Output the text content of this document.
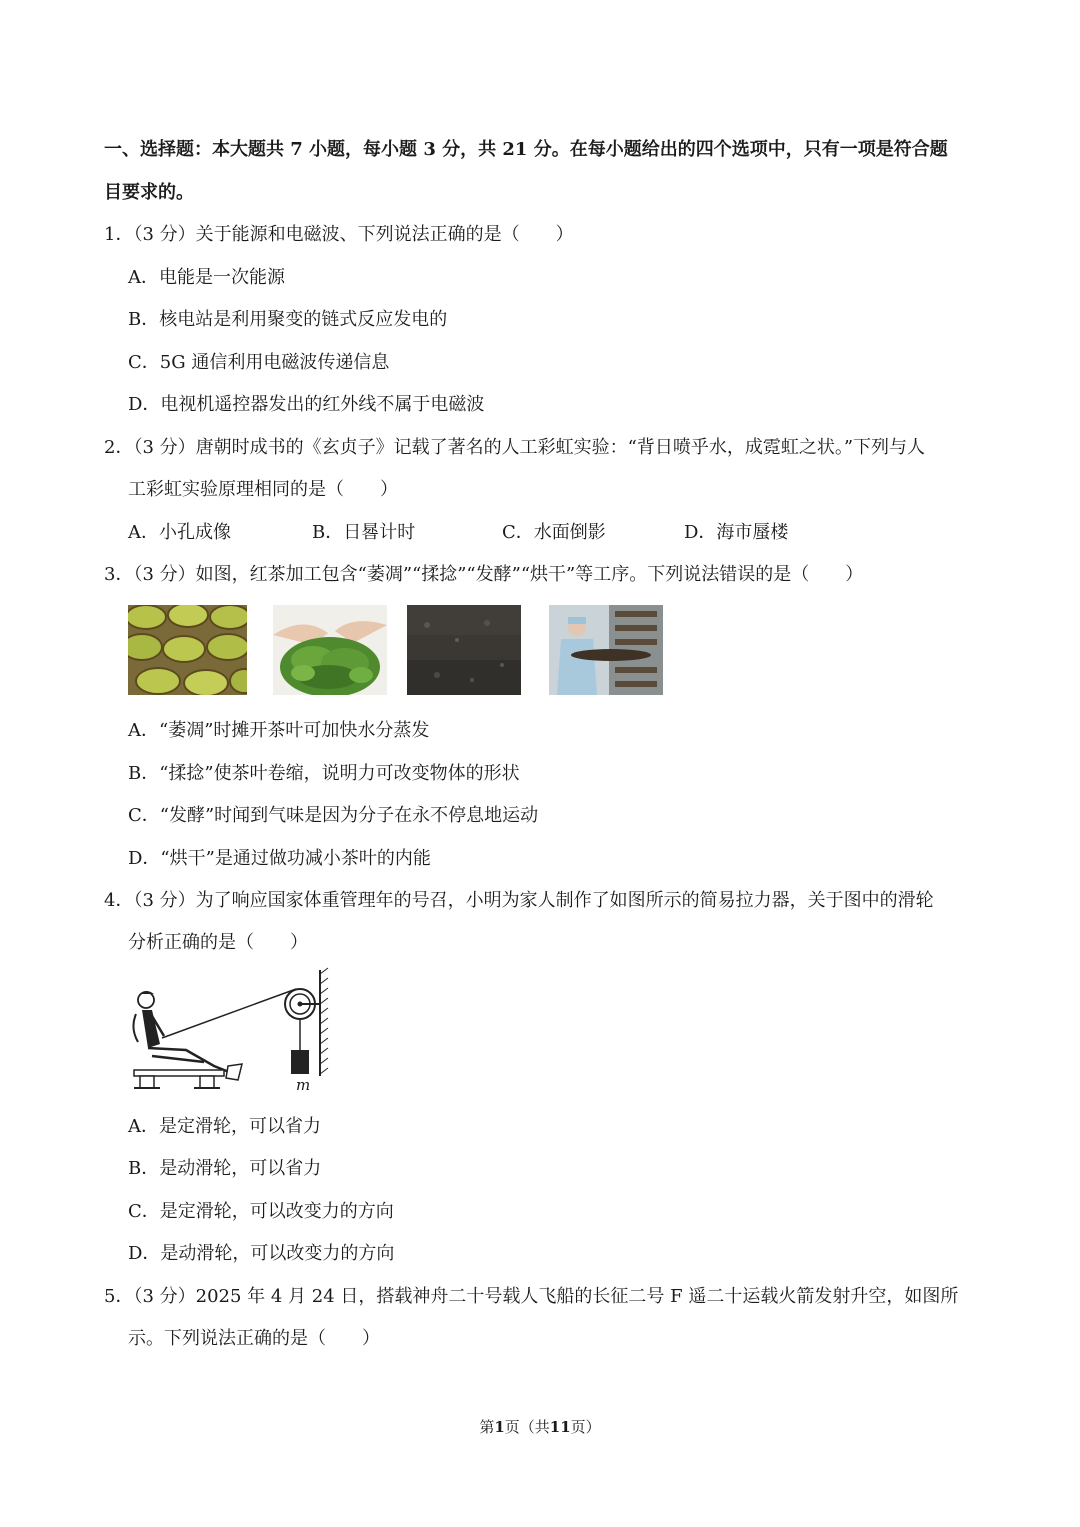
一、选择题：本大题共 7 小题，每小题 3 分，共 21 分。在每小题给出的四个选项中，只有一项是符合题
目要求的。
1．（3 分）关于能源和电磁波、下列说法正确的是（　　）
A．电能是一次能源
B．核电站是利用聚变的链式反应发电的
C．5G 通信利用电磁波传递信息
D．电视机遥控器发出的红外线不属于电磁波
2．（3 分）唐朝时成书的《玄贞子》记载了著名的人工彩虹实验：“背日喷乎水，成霓虹之状。”下列与人
工彩虹实验原理相同的是（　　）
A．小孔成像	B．日晷计时	C．水面倒影	D．海市蜃楼
3．（3 分）如图，红茶加工包含“萎凋”“揉捻”“发酵”“烘干”等工序。下列说法错误的是（　　）
A．“萎凋”时摊开茶叶可加快水分蒸发
B．“揉捻”使茶叶卷缩，说明力可改变物体的形状
C．“发酵”时闻到气味是因为分子在永不停息地运动
D．“烘干”是通过做功减小茶叶的内能
4．（3 分）为了响应国家体重管理年的号召，小明为家人制作了如图所示的简易拉力器，关于图中的滑轮
分析正确的是（　　）
m
A．是定滑轮，可以省力
B．是动滑轮，可以省力
C．是定滑轮，可以改变力的方向
D．是动滑轮，可以改变力的方向
5．（3 分）2025 年 4 月 24 日，搭载神舟二十号载人飞船的长征二号 F 遥二十运载火箭发射升空，如图所
示。下列说法正确的是（　　）
第1页（共11页）
